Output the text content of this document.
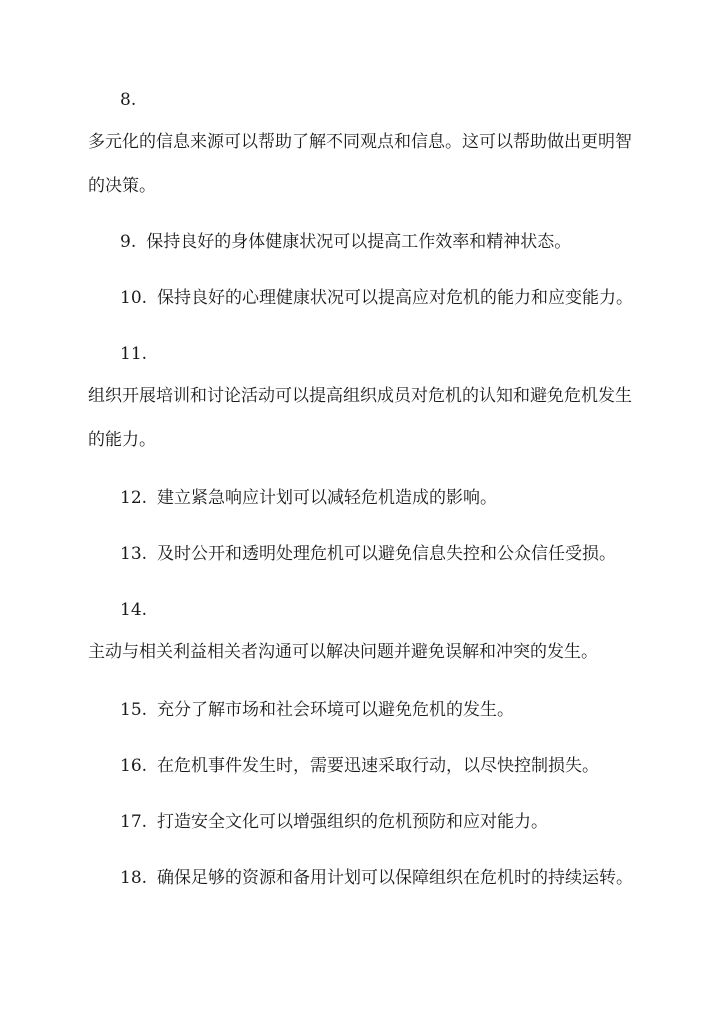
8.
多元化的信息来源可以帮助了解不同观点和信息。这可以帮助做出更明智
的决策。
9. 保持良好的身体健康状况可以提高工作效率和精神状态。
10. 保持良好的心理健康状况可以提高应对危机的能力和应变能力。
11.
组织开展培训和讨论活动可以提高组织成员对危机的认知和避免危机发生
的能力。
12. 建立紧急响应计划可以减轻危机造成的影响。
13. 及时公开和透明处理危机可以避免信息失控和公众信任受损。
14.
主动与相关利益相关者沟通可以解决问题并避免误解和冲突的发生。
15. 充分了解市场和社会环境可以避免危机的发生。
16. 在危机事件发生时，需要迅速采取行动，以尽快控制损失。
17. 打造安全文化可以增强组织的危机预防和应对能力。
18. 确保足够的资源和备用计划可以保障组织在危机时的持续运转。
